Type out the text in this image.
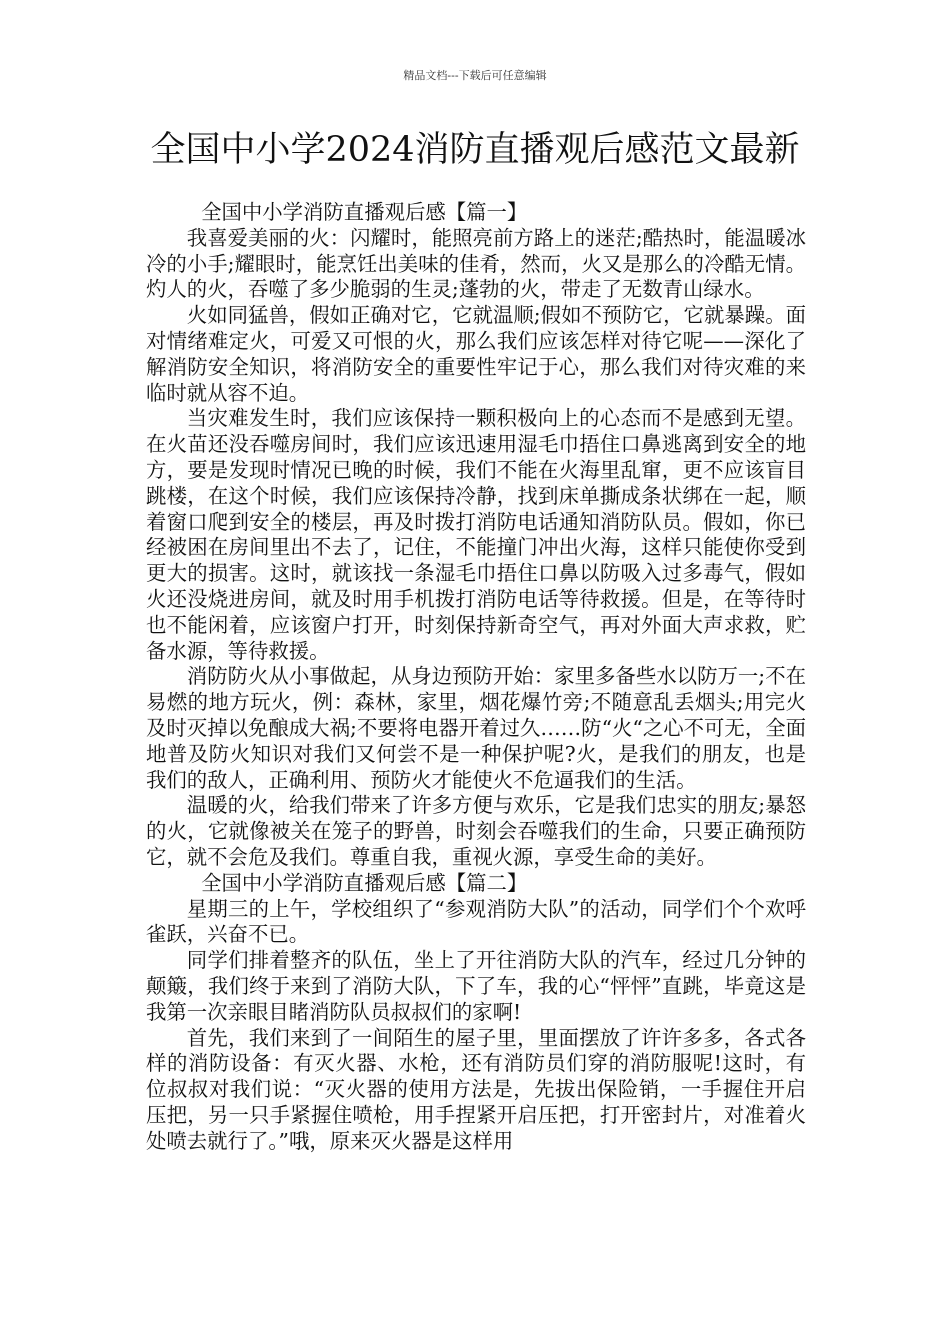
精品文档---下载后可任意编辑
全国中小学2024消防直播观后感范文最新

全国中小学消防直播观后感【篇一】

我喜爱美丽的火：闪耀时，能照亮前方路上的迷茫;酷热时，能温暖冰冷的小手;耀眼时，能烹饪出美味的佳肴，然而，火又是那么的冷酷无情。灼人的火，吞噬了多少脆弱的生灵;蓬勃的火，带走了无数青山绿水。

火如同猛兽，假如正确对它，它就温顺;假如不预防它，它就暴躁。面对情绪难定火，可爱又可恨的火，那么我们应该怎样对待它呢——深化了解消防安全知识，将消防安全的重要性牢记于心，那么我们对待灾难的来临时就从容不迫。

当灾难发生时，我们应该保持一颗积极向上的心态而不是感到无望。在火苗还没吞噬房间时，我们应该迅速用湿毛巾捂住口鼻逃离到安全的地方，要是发现时情况已晚的时候，我们不能在火海里乱窜，更不应该盲目跳楼，在这个时候，我们应该保持冷静，找到床单撕成条状绑在一起，顺着窗口爬到安全的楼层，再及时拨打消防电话通知消防队员。假如，你已经被困在房间里出不去了，记住，不能撞门冲出火海，这样只能使你受到更大的损害。这时，就该找一条湿毛巾捂住口鼻以防吸入过多毒气，假如火还没烧进房间，就及时用手机拨打消防电话等待救援。但是，在等待时也不能闲着，应该窗户打开，时刻保持新奇空气，再对外面大声求救，贮备水源，等待救援。

消防防火从小事做起，从身边预防开始：家里多备些水以防万一;不在易燃的地方玩火，例：森林，家里，烟花爆竹旁;不随意乱丢烟头;用完火及时灭掉以免酿成大祸;不要将电器开着过久……防“火“之心不可无，全面地普及防火知识对我们又何尝不是一种保护呢?火，是我们的朋友，也是我们的敌人，正确利用、预防火才能使火不危逼我们的生活。

温暖的火，给我们带来了许多方便与欢乐，它是我们忠实的朋友;暴怒的火，它就像被关在笼子的野兽，时刻会吞噬我们的生命，只要正确预防它，就不会危及我们。尊重自我，重视火源，享受生命的美好。

全国中小学消防直播观后感【篇二】

星期三的上午，学校组织了“参观消防大队”的活动，同学们个个欢呼雀跃，兴奋不已。

同学们排着整齐的队伍，坐上了开往消防大队的汽车，经过几分钟的颠簸，我们终于来到了消防大队，下了车，我的心“怦怦”直跳，毕竟这是我第一次亲眼目睹消防队员叔叔们的家啊!

首先，我们来到了一间陌生的屋子里，里面摆放了许许多多，各式各样的消防设备：有灭火器、水枪，还有消防员们穿的消防服呢!这时，有位叔叔对我们说：“灭火器的使用方法是，先拔出保险销，一手握住开启压把，另一只手紧握住喷枪，用手捏紧开启压把，打开密封片，对准着火处喷去就行了。”哦，原来灭火器是这样用
